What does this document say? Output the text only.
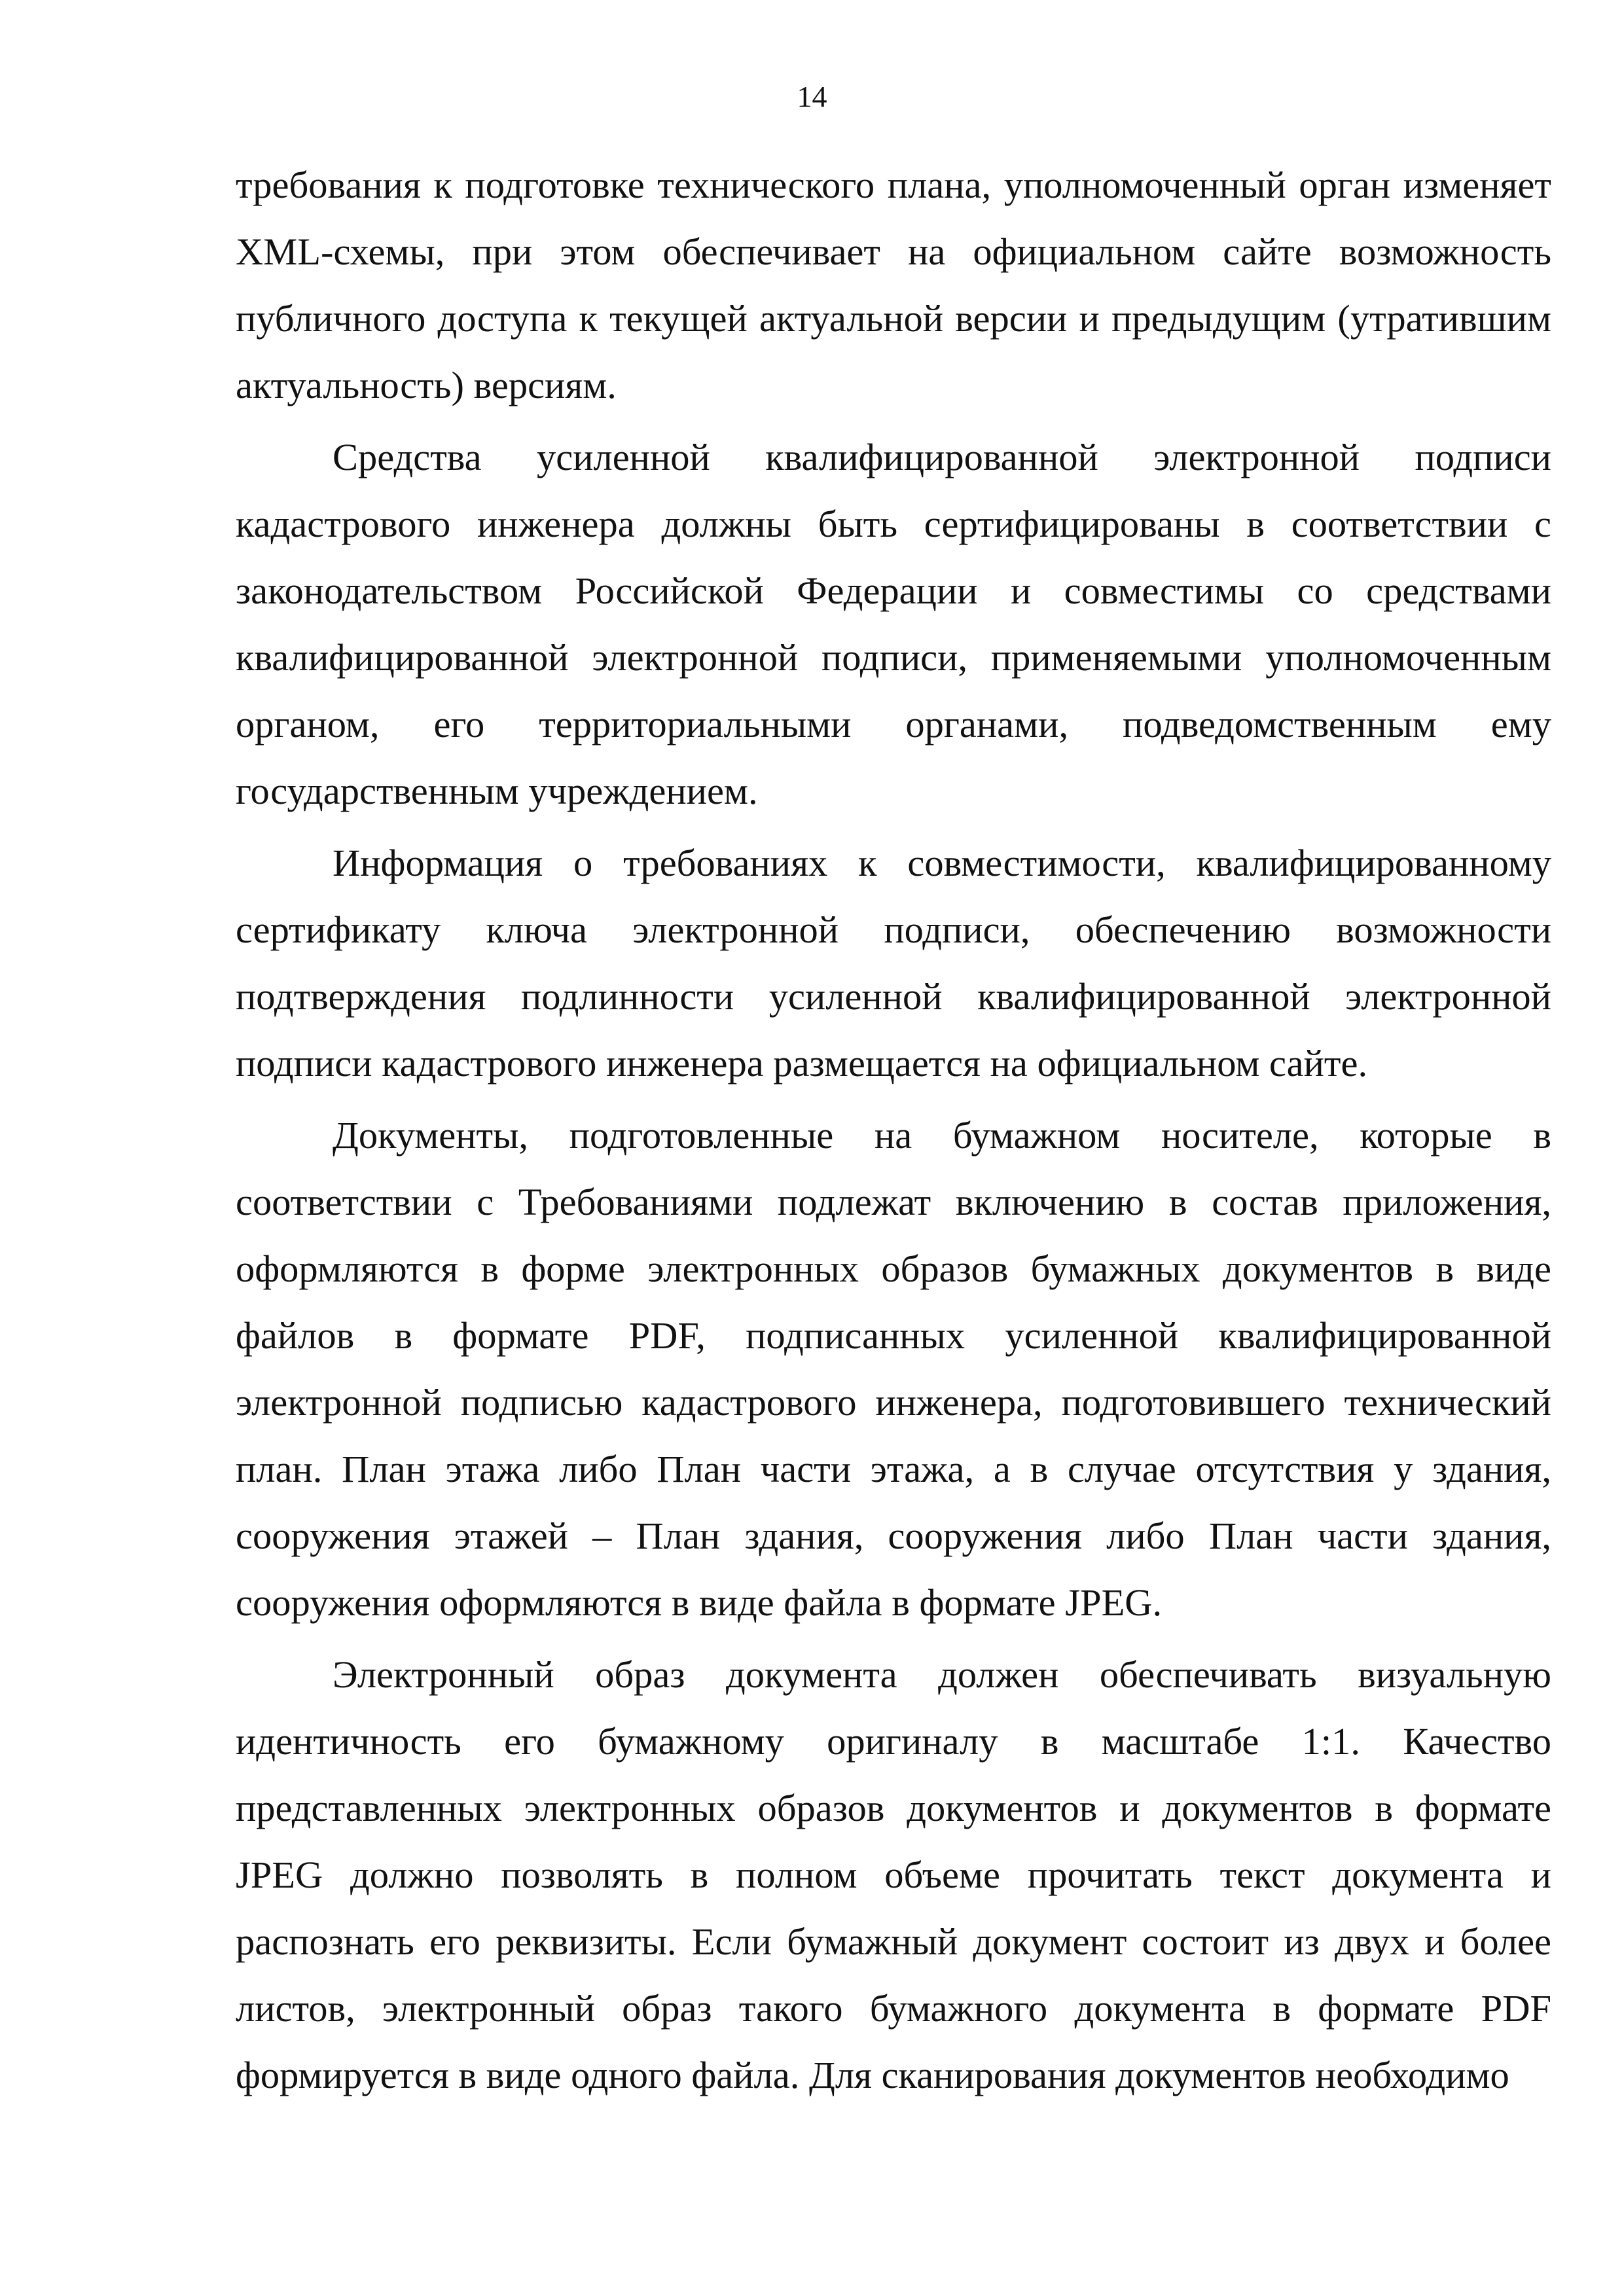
14

требования к подготовке технического плана, уполномоченный орган изменяет XML-схемы, при этом обеспечивает на официальном сайте возможность публичного доступа к текущей актуальной версии и предыдущим (утратившим актуальность) версиям.

Средства усиленной квалифицированной электронной подписи кадастрового инженера должны быть сертифицированы в соответствии с законодательством Российской Федерации и совместимы со средствами квалифицированной электронной подписи, применяемыми уполномоченным органом, его территориальными органами, подведомственным ему государственным учреждением.

Информация о требованиях к совместимости, квалифицированному сертификату ключа электронной подписи, обеспечению возможности подтверждения подлинности усиленной квалифицированной электронной подписи кадастрового инженера размещается на официальном сайте.

Документы, подготовленные на бумажном носителе, которые в соответствии с Требованиями подлежат включению в состав приложения, оформляются в форме электронных образов бумажных документов в виде файлов в формате PDF, подписанных усиленной квалифицированной электронной подписью кадастрового инженера, подготовившего технический план. План этажа либо План части этажа, а в случае отсутствия у здания, сооружения этажей – План здания, сооружения либо План части здания, сооружения оформляются в виде файла в формате JPEG.

Электронный образ документа должен обеспечивать визуальную идентичность его бумажному оригиналу в масштабе 1:1. Качество представленных электронных образов документов и документов в формате JPEG должно позволять в полном объеме прочитать текст документа и распознать его реквизиты. Если бумажный документ состоит из двух и более листов, электронный образ такого бумажного документа в формате PDF формируется в виде одного файла. Для сканирования документов необходимо
